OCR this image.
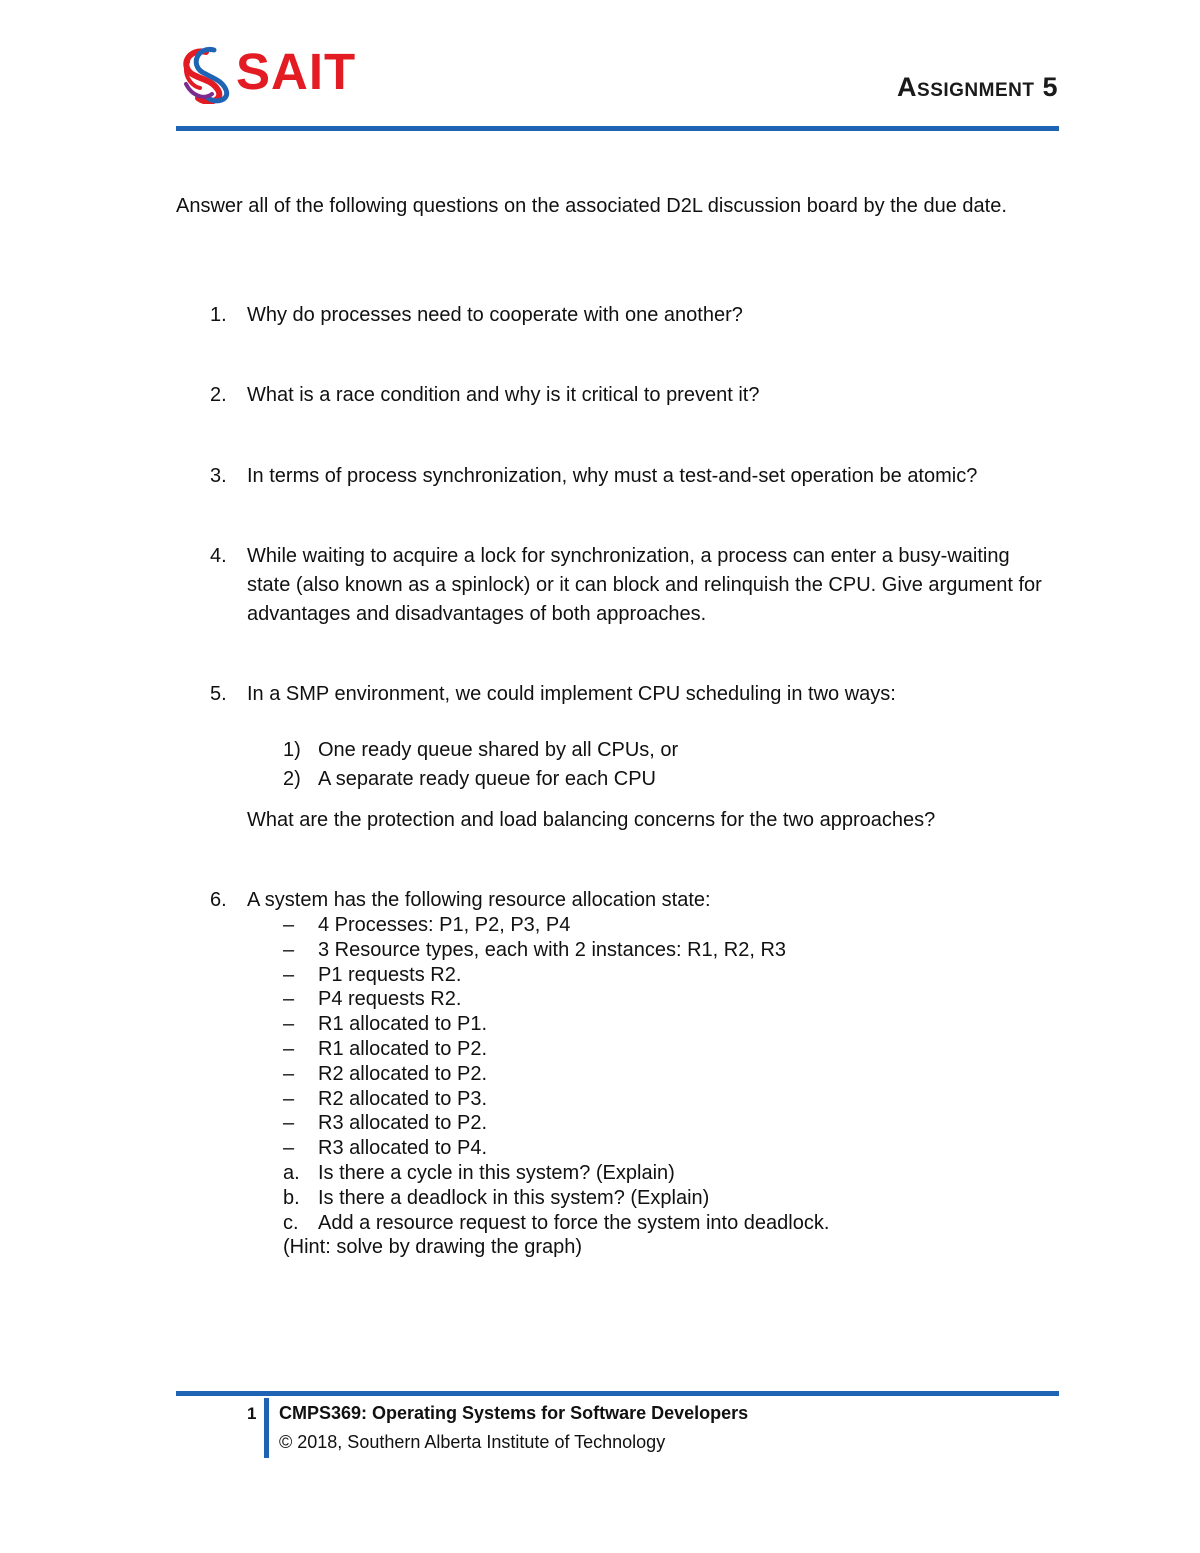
SAIT	Assignment 5
Answer all of the following questions on the associated D2L discussion board by the due date.
1.	Why do processes need to cooperate with one another?
2.	What is a race condition and why is it critical to prevent it?
3.	In terms of process synchronization, why must a test-and-set operation be atomic?
4.	While waiting to acquire a lock for synchronization, a process can enter a busy-waiting state (also known as a spinlock) or it can block and relinquish the CPU. Give argument for advantages and disadvantages of both approaches.
5.	In a SMP environment, we could implement CPU scheduling in two ways:
1) One ready queue shared by all CPUs, or
2) A separate ready queue for each CPU
What are the protection and load balancing concerns for the two approaches?
6.	A system has the following resource allocation state:
– 4 Processes: P1, P2, P3, P4
– 3 Resource types, each with 2 instances: R1, R2, R3
– P1 requests R2.
– P4 requests R2.
– R1 allocated to P1.
– R1 allocated to P2.
– R2 allocated to P2.
– R2 allocated to P3.
– R3 allocated to P2.
– R3 allocated to P4.
a. Is there a cycle in this system? (Explain)
b. Is there a deadlock in this system? (Explain)
c. Add a resource request to force the system into deadlock.
(Hint: solve by drawing the graph)
1 CMPS369: Operating Systems for Software Developers
© 2018, Southern Alberta Institute of Technology
